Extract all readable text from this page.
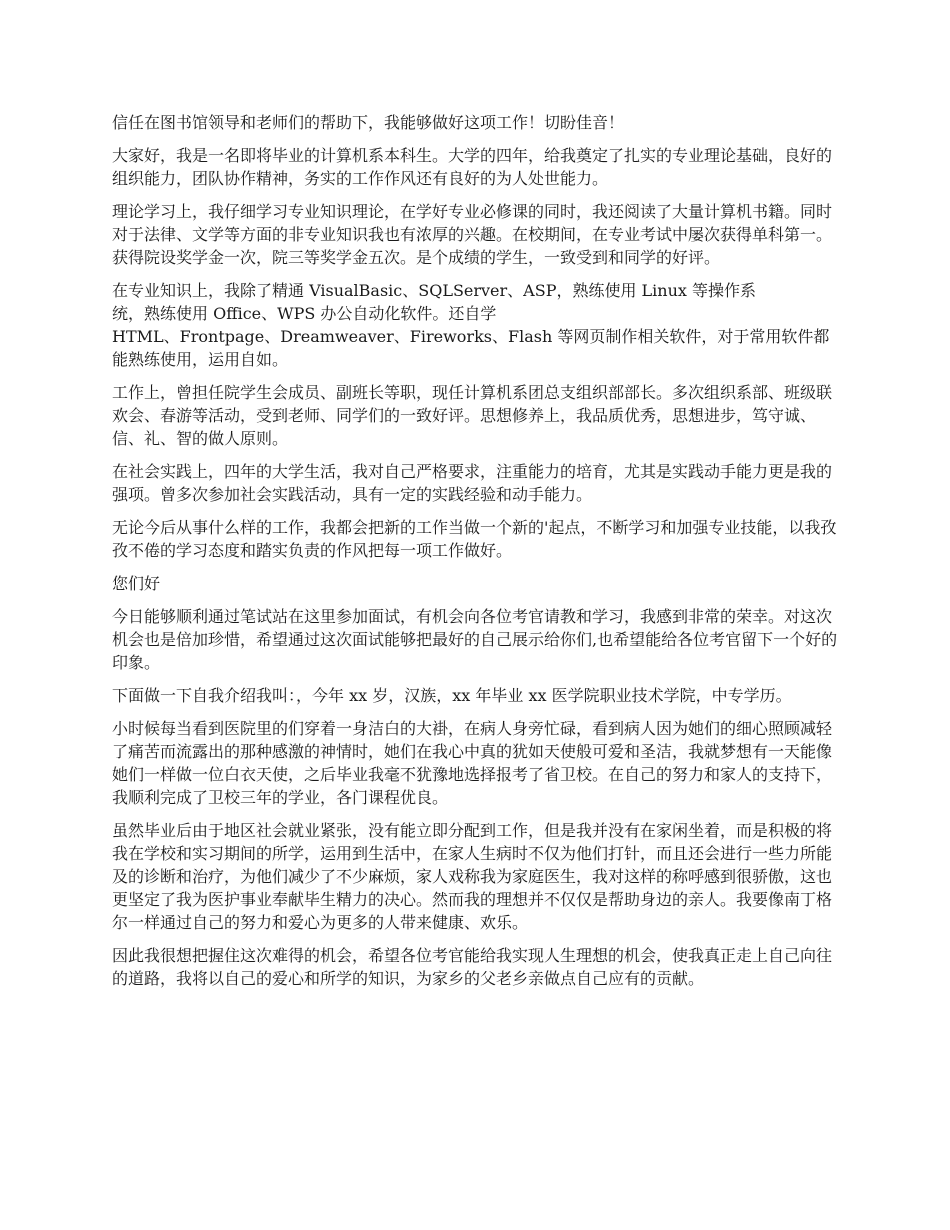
信任在图书馆领导和老师们的帮助下，我能够做好这项工作！切盼佳音！

大家好，我是一名即将毕业的计算机系本科生。大学的四年，给我奠定了扎实的专业理论基础，良好的组织能力，团队协作精神，务实的工作作风还有良好的为人处世能力。

理论学习上，我仔细学习专业知识理论，在学好专业必修课的同时，我还阅读了大量计算机书籍。同时对于法律、文学等方面的非专业知识我也有浓厚的兴趣。在校期间，在专业考试中屡次获得单科第一。获得院设奖学金一次，院三等奖学金五次。是个成绩的学生，一致受到和同学的好评。

在专业知识上，我除了精通 VisualBasic、SQLServer、ASP，熟练使用 Linux 等操作系
统，熟练使用 Office、WPS 办公自动化软件。还自学
HTML、Frontpage、Dreamweaver、Fireworks、Flash 等网页制作相关软件，对于常用软件都能熟练使用，运用自如。

工作上，曾担任院学生会成员、副班长等职，现任计算机系团总支组织部部长。多次组织系部、班级联欢会、春游等活动，受到老师、同学们的一致好评。思想修养上，我品质优秀，思想进步，笃守诚、信、礼、智的做人原则。

在社会实践上，四年的大学生活，我对自己严格要求，注重能力的培育，尤其是实践动手能力更是我的强项。曾多次参加社会实践活动，具有一定的实践经验和动手能力。

无论今后从事什么样的工作，我都会把新的工作当做一个新的'起点，不断学习和加强专业技能，以我孜孜不倦的学习态度和踏实负责的作风把每一项工作做好。

您们好

今日能够顺利通过笔试站在这里参加面试，有机会向各位考官请教和学习，我感到非常的荣幸。对这次机会也是倍加珍惜，希望通过这次面试能够把最好的自己展示给你们,也希望能给各位考官留下一个好的印象。

下面做一下自我介绍我叫：，今年 xx 岁，汉族，xx 年毕业 xx 医学院职业技术学院，中专学历。

小时候每当看到医院里的们穿着一身洁白的大褂，在病人身旁忙碌，看到病人因为她们的细心照顾减轻了痛苦而流露出的那种感激的神情时，她们在我心中真的犹如天使般可爱和圣洁，我就梦想有一天能像她们一样做一位白衣天使，之后毕业我毫不犹豫地选择报考了省卫校。在自己的努力和家人的支持下，我顺利完成了卫校三年的学业，各门课程优良。

虽然毕业后由于地区社会就业紧张，没有能立即分配到工作，但是我并没有在家闲坐着，而是积极的将我在学校和实习期间的所学，运用到生活中，在家人生病时不仅为他们打针，而且还会进行一些力所能及的诊断和治疗，为他们减少了不少麻烦，家人戏称我为家庭医生，我对这样的称呼感到很骄傲，这也更坚定了我为医护事业奉献毕生精力的决心。然而我的理想并不仅仅是帮助身边的亲人。我要像南丁格尔一样通过自己的努力和爱心为更多的人带来健康、欢乐。

因此我很想把握住这次难得的机会，希望各位考官能给我实现人生理想的机会，使我真正走上自己向往的道路，我将以自己的爱心和所学的知识，为家乡的父老乡亲做点自己应有的贡献。
